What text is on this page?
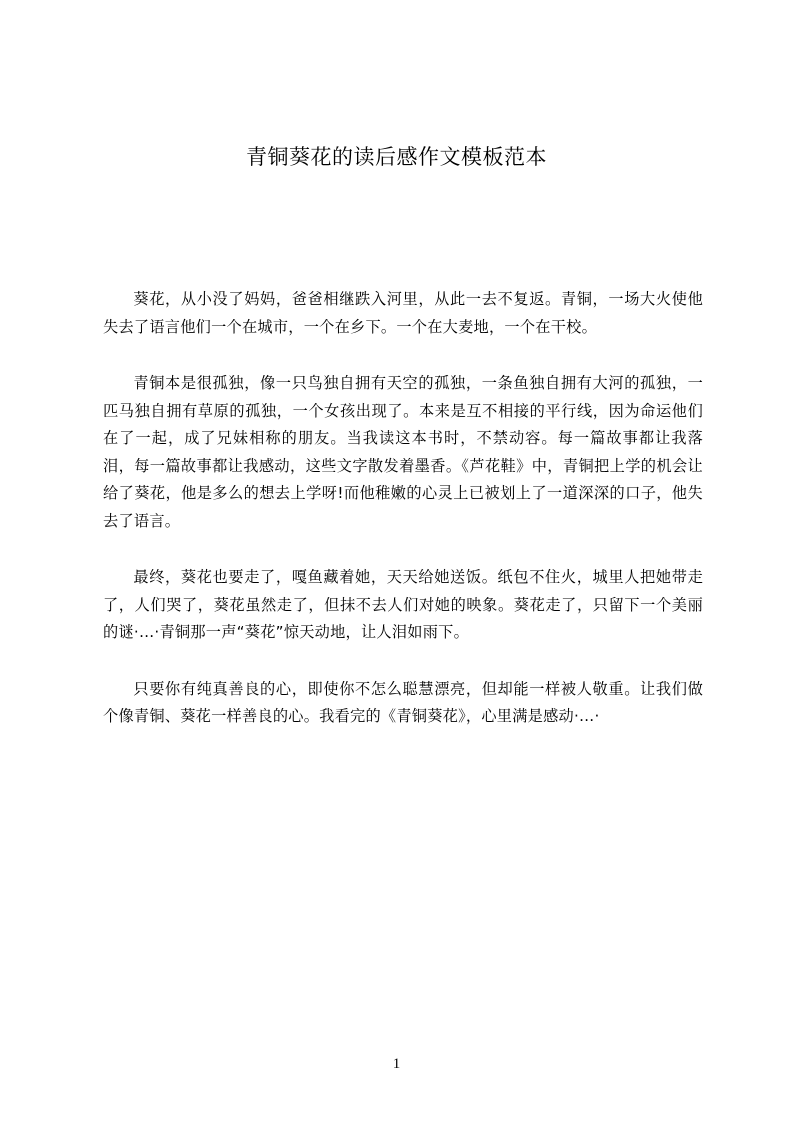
青铜葵花的读后感作文模板范本

葵花，从小没了妈妈，爸爸相继跌入河里，从此一去不复返。青铜，一场大火使他失去了语言他们一个在城市，一个在乡下。一个在大麦地，一个在干校。

青铜本是很孤独，像一只鸟独自拥有天空的孤独，一条鱼独自拥有大河的孤独，一匹马独自拥有草原的孤独，一个女孩出现了。本来是互不相接的平行线，因为命运他们在了一起，成了兄妹相称的朋友。当我读这本书时，不禁动容。每一篇故事都让我落泪，每一篇故事都让我感动，这些文字散发着墨香。《芦花鞋》中，青铜把上学的机会让给了葵花，他是多么的想去上学呀!而他稚嫩的心灵上已被划上了一道深深的口子，他失去了语言。

最终，葵花也要走了，嘎鱼藏着她，天天给她送饭。纸包不住火，城里人把她带走了，人们哭了，葵花虽然走了，但抹不去人们对她的映象。葵花走了，只留下一个美丽的谜·…·青铜那一声“葵花”惊天动地，让人泪如雨下。

只要你有纯真善良的心，即使你不怎么聪慧漂亮，但却能一样被人敬重。让我们做个像青铜、葵花一样善良的心。我看完的《青铜葵花》，心里满是感动·…·

1
